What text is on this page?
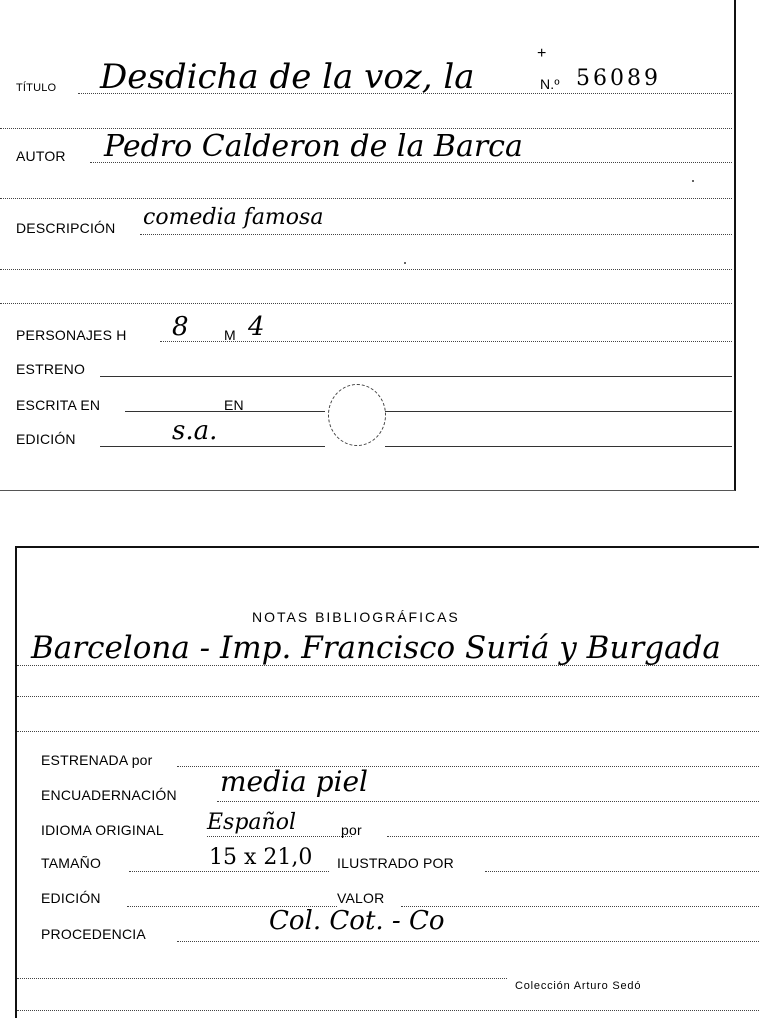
TÍTULO Desdicha de la voz, la
+
N.º 56089
AUTOR Pedro Calderon de la Barca
DESCRIPCIÓN comedia famosa
PERSONAJES H 8	M 4
ESTRENO
ESCRITA EN	EN
EDICIÓN	s.a.
NOTAS BIBLIOGRÁFICAS
Barcelona - Imp. Francisco Suriá y Burgada
ESTRENADA por
ENCUADERNACIÓN media piel
IDIOMA ORIGINAL Español	por
TAMAÑO	15 x 21,0 ILUSTRADO POR
EDICIÓN	VALOR
PROCEDENCIA	Col. Cot. - Co
Colección Arturo Sedó
